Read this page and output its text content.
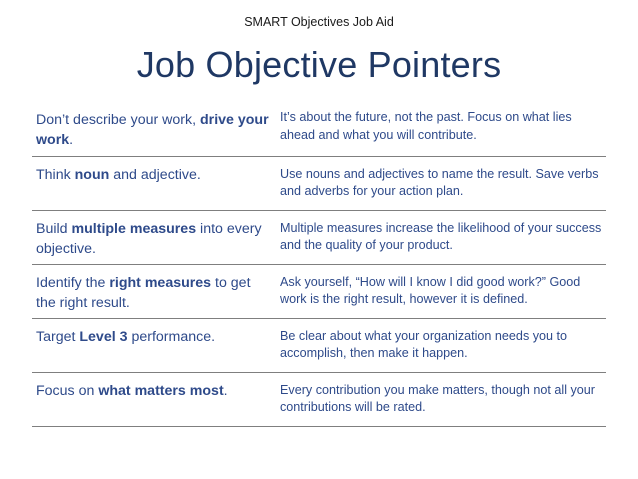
SMART Objectives Job Aid
Job Objective Pointers
Don’t describe your work, drive your work.	It’s about the future, not the past. Focus on what lies ahead and what you will contribute.
Think noun and adjective.	Use nouns and adjectives to name the result. Save verbs and adverbs for your action plan.
Build multiple measures into every objective.	Multiple measures increase the likelihood of your success and the quality of your product.
Identify the right measures to get the right result.	Ask yourself, “How will I know I did good work?” Good work is the right result, however it is defined.
Target Level 3 performance.	Be clear about what your organization needs you to accomplish, then make it happen.
Focus on what matters most.	Every contribution you make matters, though not all your contributions will be rated.
